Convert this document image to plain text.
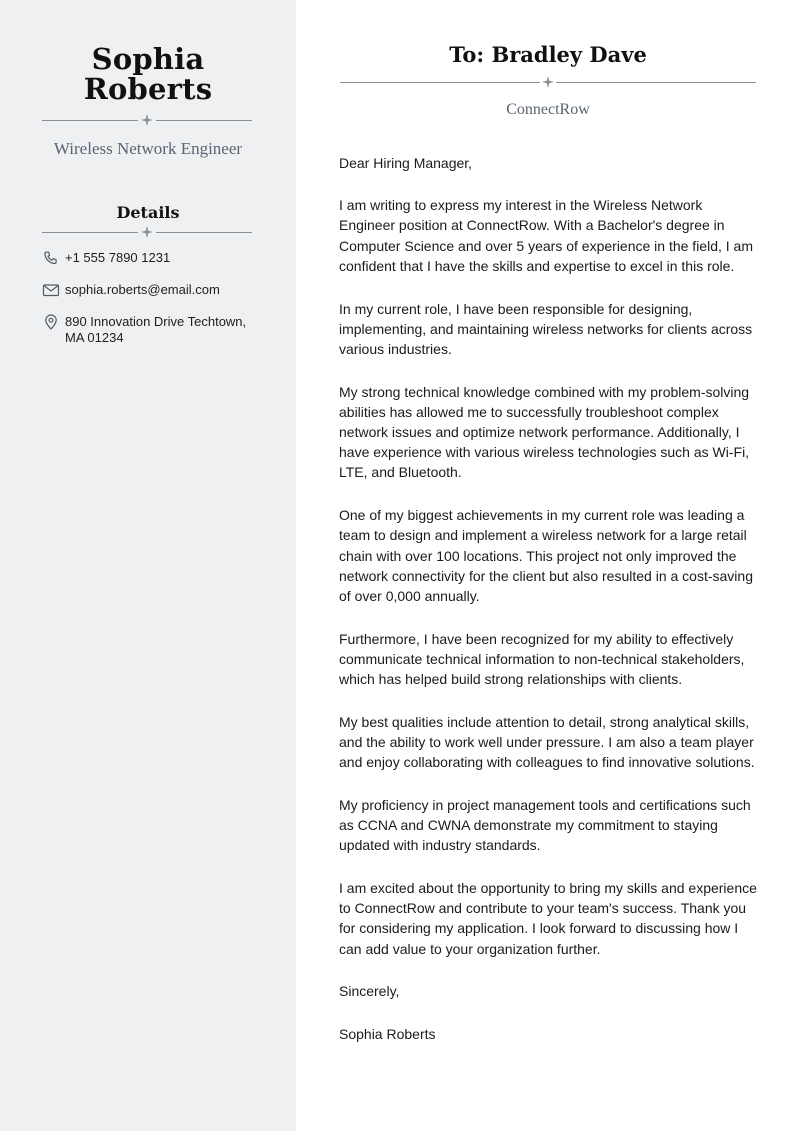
Sophia
Roberts
Wireless Network Engineer
Details
+1 555 7890 1231
sophia.roberts@email.com
890 Innovation Drive Techtown,
MA 01234
To: Bradley Dave
ConnectRow

Dear Hiring Manager,

I am writing to express my interest in the Wireless Network Engineer position at ConnectRow. With a Bachelor's degree in Computer Science and over 5 years of experience in the field, I am confident that I have the skills and expertise to excel in this role.

In my current role, I have been responsible for designing, implementing, and maintaining wireless networks for clients across various industries.

My strong technical knowledge combined with my problem-solving abilities has allowed me to successfully troubleshoot complex network issues and optimize network performance. Additionally, I have experience with various wireless technologies such as Wi-Fi, LTE, and Bluetooth.

One of my biggest achievements in my current role was leading a team to design and implement a wireless network for a large retail chain with over 100 locations. This project not only improved the network connectivity for the client but also resulted in a cost-saving of over 0,000 annually.

Furthermore, I have been recognized for my ability to effectively communicate technical information to non-technical stakeholders, which has helped build strong relationships with clients.

My best qualities include attention to detail, strong analytical skills, and the ability to work well under pressure. I am also a team player and enjoy collaborating with colleagues to find innovative solutions.

My proficiency in project management tools and certifications such as CCNA and CWNA demonstrate my commitment to staying updated with industry standards.

I am excited about the opportunity to bring my skills and experience to ConnectRow and contribute to your team's success. Thank you for considering my application. I look forward to discussing how I can add value to your organization further.

Sincerely,

Sophia Roberts
